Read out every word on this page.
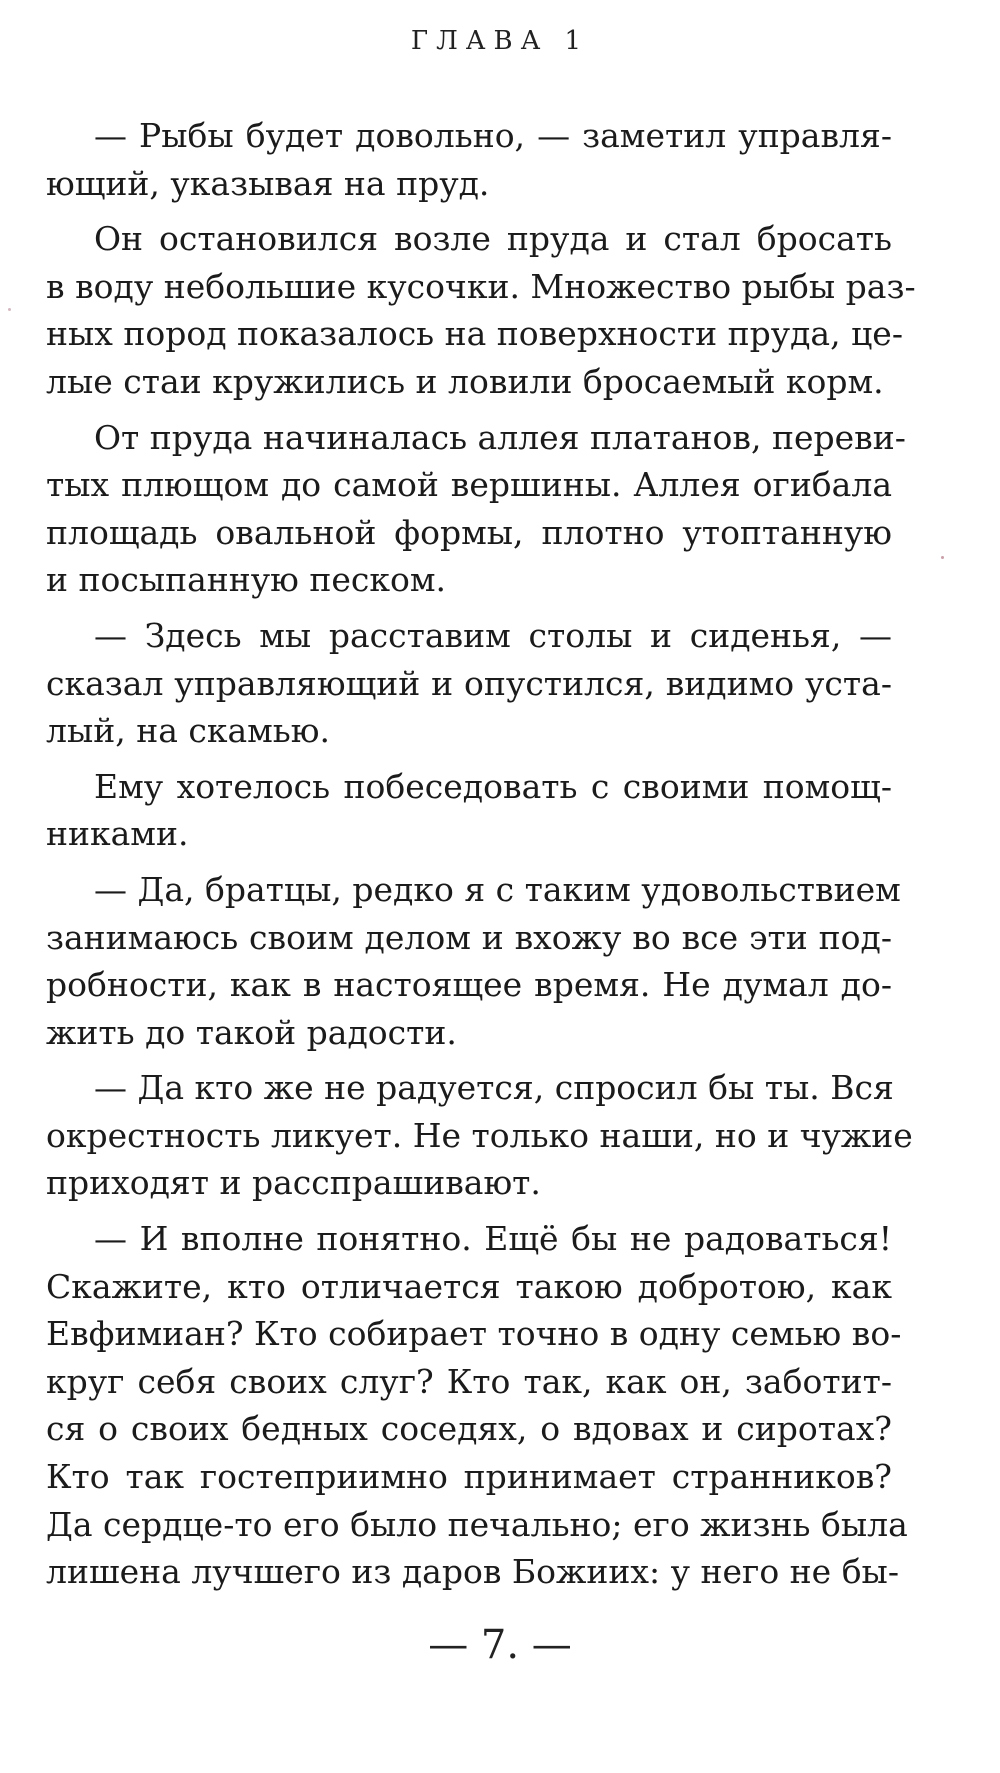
ГЛАВА 1
— Рыбы будет довольно, — заметил управля-
ющий, указывая на пруд.
Он остановился возле пруда и стал бросать
в воду небольшие кусочки. Множество рыбы раз-
ных пород показалось на поверхности пруда, це-
лые стаи кружились и ловили бросаемый корм.
От пруда начиналась аллея платанов, переви-
тых плющом до самой вершины. Аллея огибала
площадь овальной формы, плотно утоптанную
и посыпанную песком.
— Здесь мы расставим столы и сиденья, —
сказал управляющий и опустился, видимо уста-
лый, на скамью.
Ему хотелось побеседовать с своими помощ-
никами.
— Да, братцы, редко я с таким удовольствием
занимаюсь своим делом и вхожу во все эти под-
робности, как в настоящее время. Не думал до-
жить до такой радости.
— Да кто же не радуется, спросил бы ты. Вся
окрестность ликует. Не только наши, но и чужие
приходят и расспрашивают.
— И вполне понятно. Ещё бы не радоваться!
Скажите, кто отличается такою добротою, как
Евфимиан? Кто собирает точно в одну семью во-
круг себя своих слуг? Кто так, как он, заботит-
ся о своих бедных соседях, о вдовах и сиротах?
Кто так гостеприимно принимает странников?
Да сердце-то его было печально; его жизнь была
лишена лучшего из даров Божиих: у него не бы-
— 7. —
